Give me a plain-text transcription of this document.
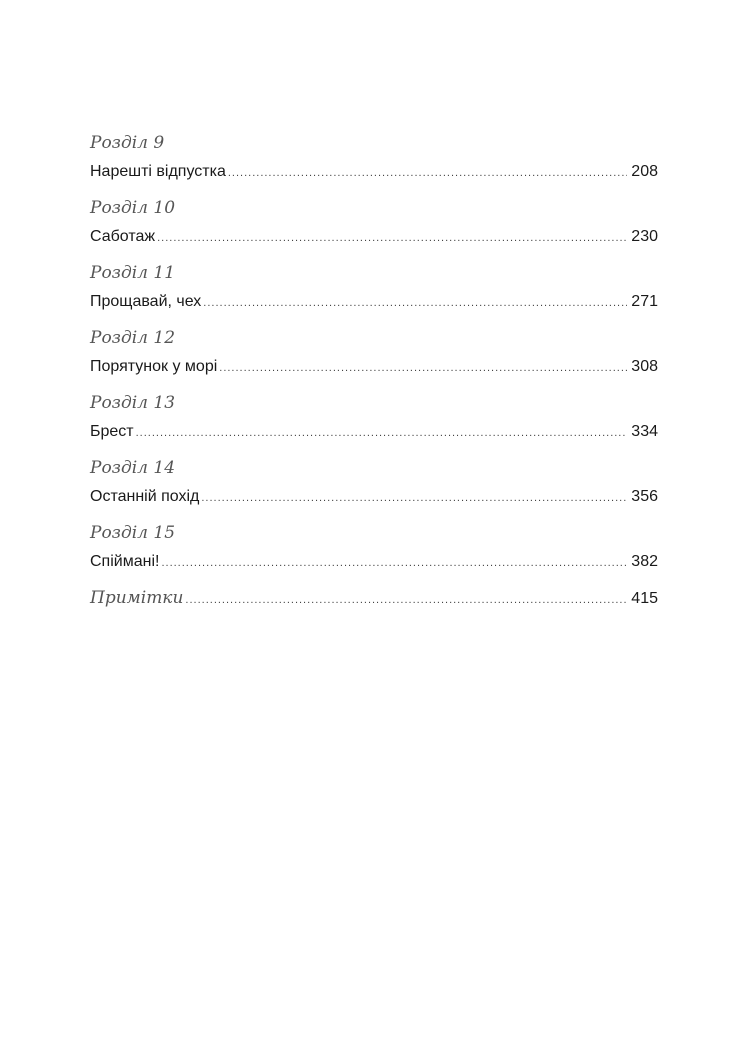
Розділ 9
Нарешті відпустка .....	208
Розділ 10
Саботаж .....	230
Розділ 11
Прощавай, чех .....	271
Розділ 12
Порятунок у морі .....	308
Розділ 13
Брест .....	334
Розділ 14
Останній похід .....	356
Розділ 15
Спіймані! .....	382
Примітки .....	415
